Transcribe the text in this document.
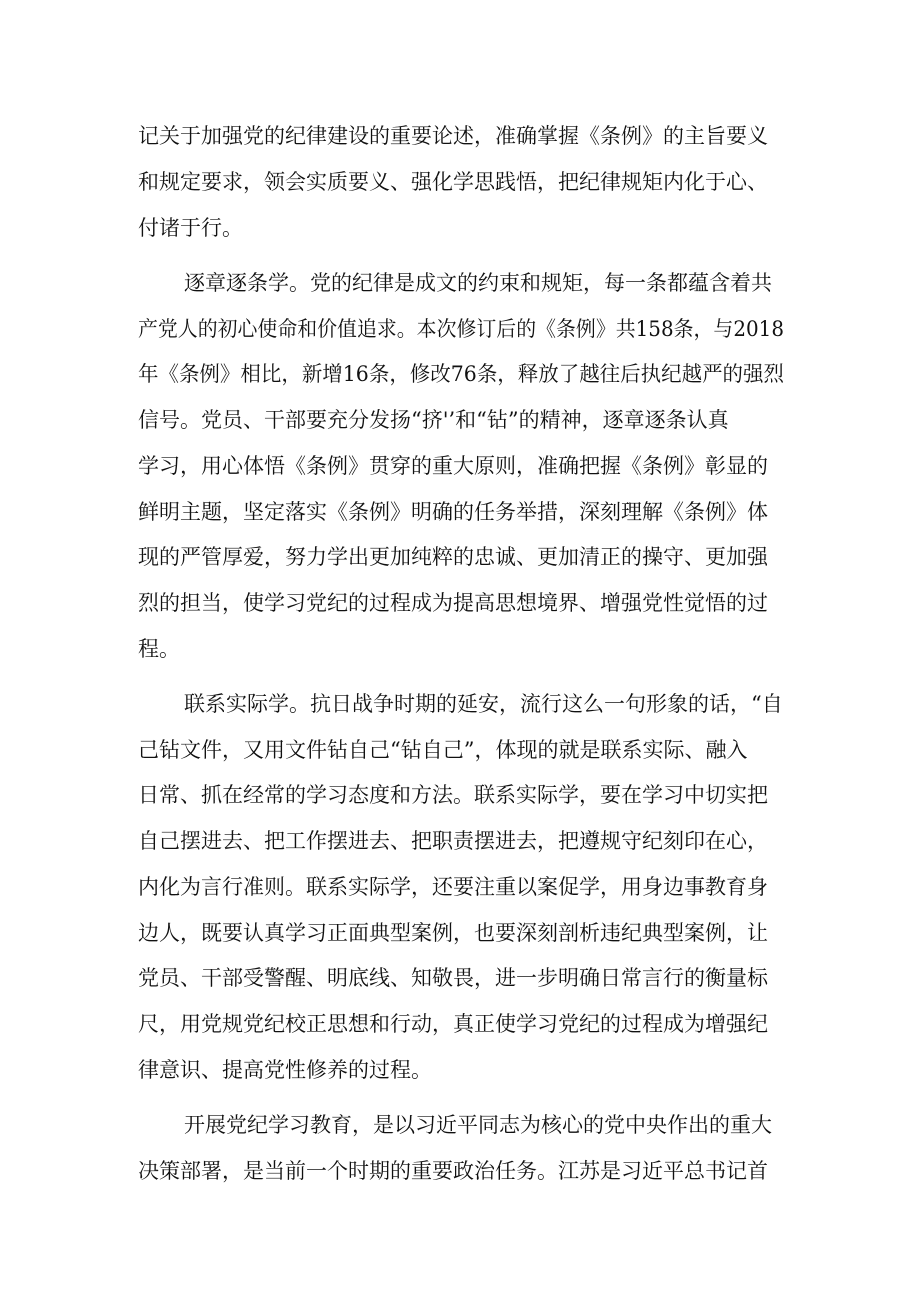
记关于加强党的纪律建设的重要论述，准确掌握《条例》的主旨要义
和规定要求，领会实质要义、强化学思践悟，把纪律规矩内化于心、
付诸于行。
逐章逐条学。党的纪律是成文的约束和规矩，每一条都蕴含着共
产党人的初心使命和价值追求。本次修订后的《条例》共158条，与2018
年《条例》相比，新增16条，修改76条，释放了越往后执纪越严的强烈
信号。党员、干部要充分发扬“挤'’和“钻”的精神，逐章逐条认真
学习，用心体悟《条例》贯穿的重大原则，准确把握《条例》彰显的
鲜明主题，坚定落实《条例》明确的任务举措，深刻理解《条例》体
现的严管厚爱，努力学出更加纯粹的忠诚、更加清正的操守、更加强
烈的担当，使学习党纪的过程成为提高思想境界、增强党性觉悟的过
程。
联系实际学。抗日战争时期的延安，流行这么一句形象的话，“自
己钻文件，又用文件钻自己“钻自己”，体现的就是联系实际、融入
日常、抓在经常的学习态度和方法。联系实际学，要在学习中切实把
自己摆进去、把工作摆进去、把职责摆进去，把遵规守纪刻印在心，
内化为言行准则。联系实际学，还要注重以案促学，用身边事教育身
边人，既要认真学习正面典型案例，也要深刻剖析违纪典型案例，让
党员、干部受警醒、明底线、知敬畏，进一步明确日常言行的衡量标
尺，用党规党纪校正思想和行动，真正使学习党纪的过程成为增强纪
律意识、提高党性修养的过程。
开展党纪学习教育，是以习近平同志为核心的党中央作出的重大
决策部署，是当前一个时期的重要政治任务。江苏是习近平总书记首
